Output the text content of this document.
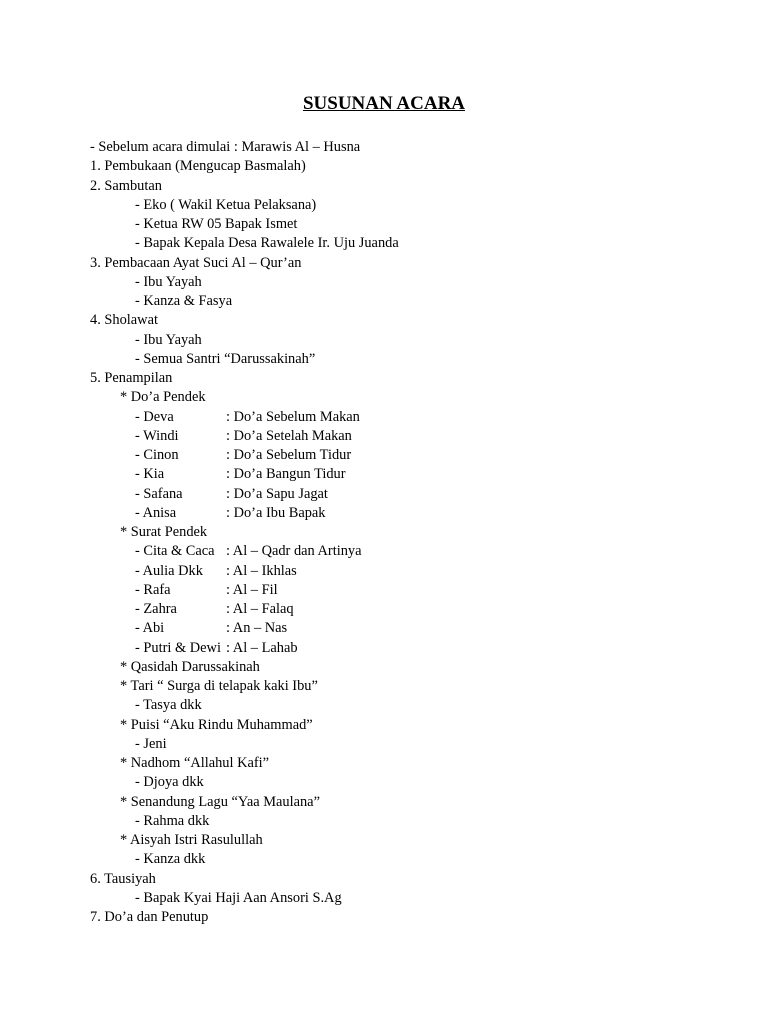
SUSUNAN ACARA
- Sebelum acara dimulai : Marawis Al – Husna
1. Pembukaan (Mengucap Basmalah)
2. Sambutan
- Eko ( Wakil Ketua Pelaksana)
- Ketua RW 05 Bapak Ismet
- Bapak Kepala Desa Rawalele Ir. Uju Juanda
3. Pembacaan Ayat Suci Al – Qur’an
- Ibu Yayah
- Kanza & Fasya
4. Sholawat
- Ibu Yayah
- Semua Santri “Darussakinah”
5. Penampilan
* Do’a Pendek
- Deva	: Do’a Sebelum Makan
- Windi	: Do’a Setelah Makan
- Cinon	: Do’a Sebelum Tidur
- Kia	: Do’a Bangun Tidur
- Safana	: Do’a Sapu Jagat
- Anisa	: Do’a Ibu Bapak
* Surat Pendek
- Cita & Caca : Al – Qadr dan Artinya
- Aulia Dkk : Al – Ikhlas
- Rafa	: Al – Fil
- Zahra	: Al – Falaq
- Abi	: An – Nas
- Putri & Dewi : Al – Lahab
* Qasidah Darussakinah
* Tari “ Surga di telapak kaki Ibu”
- Tasya dkk
* Puisi “Aku Rindu Muhammad”
- Jeni
* Nadhom “Allahul Kafi”
- Djoya dkk
* Senandung Lagu “Yaa Maulana”
- Rahma dkk
* Aisyah Istri Rasulullah
- Kanza dkk
6. Tausiyah
- Bapak Kyai Haji Aan Ansori S.Ag
7. Do’a dan Penutup
